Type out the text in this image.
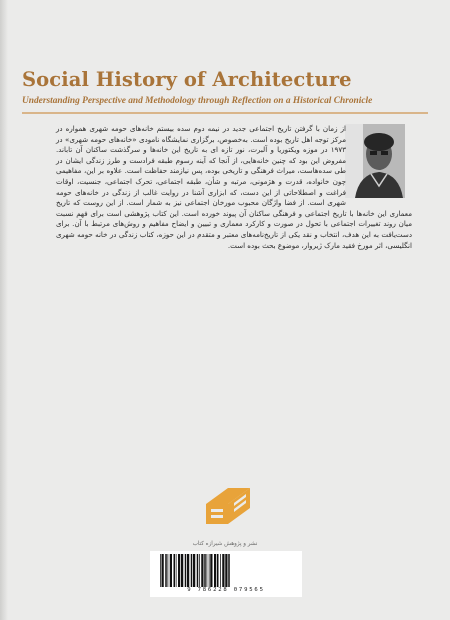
Social History of Architecture
Understanding Perspective and Methodology through Reflection on a Historical Chronicle

از زمان با گرفتن تاریخ اجتماعی جدید در نیمه دوم سده بیستم خانه‌های حومه شهری همواره در مرکز توجه اهل تاریخ بوده است. به‌خصوص، برگزاری نمایشگاه نامودی «خانه‌های حومه شهری» در ۱۹۷۳ در موزه ویکتوریا و آلبرت، نور تازه ای به تاریخ این خانه‌ها و سرگذشت ساکنان آن تاباند. مفروض این بود که چنین خانه‌هایی، از آنجا که آینه رسوم طبقه فرادست و طرز زندگی ایشان در طی سده‌هاست، میراث فرهنگی و تاریخی بوده، پس نیازمند حفاظت است. علاوه بر این، مفاهیمی چون خانواده، قدرت و هژمونی، مرتبه و شأن، طبقه اجتماعی، تحرک اجتماعی، جنسیت، اوقات فراغت و اصطلاحاتی از این دست، که ابزاری آشنا در روایت غالب از زندگی در خانه‌های حومه شهری است. از فضا واژگان محبوب مورخان اجتماعی نیز به شمار است. از این روست که تاریخ معماری این خانه‌ها با تاریخ اجتماعی و فرهنگی ساکنان آن پیوند خورده است. این کتاب پژوهشی است برای فهم نسبت میان روند تغییرات اجتماعی با تحول در صورت و کارکرد معماری و تبیین و ایضاح مفاهیم و روش‌های مرتبط با آن. برای دست‌یافت به این هدف، انتخاب و نقد یکی از تاریخ‌نامه‌های معتبر و متقدم در این حوزه، کتاب زندگی در خانه حومه شهری انگلیسی، اثر مورخ فقید مارک ژیروار، موضوع بحث بوده است.

نشر و پژوهش شیرازه کتاب
9 786228 079565
